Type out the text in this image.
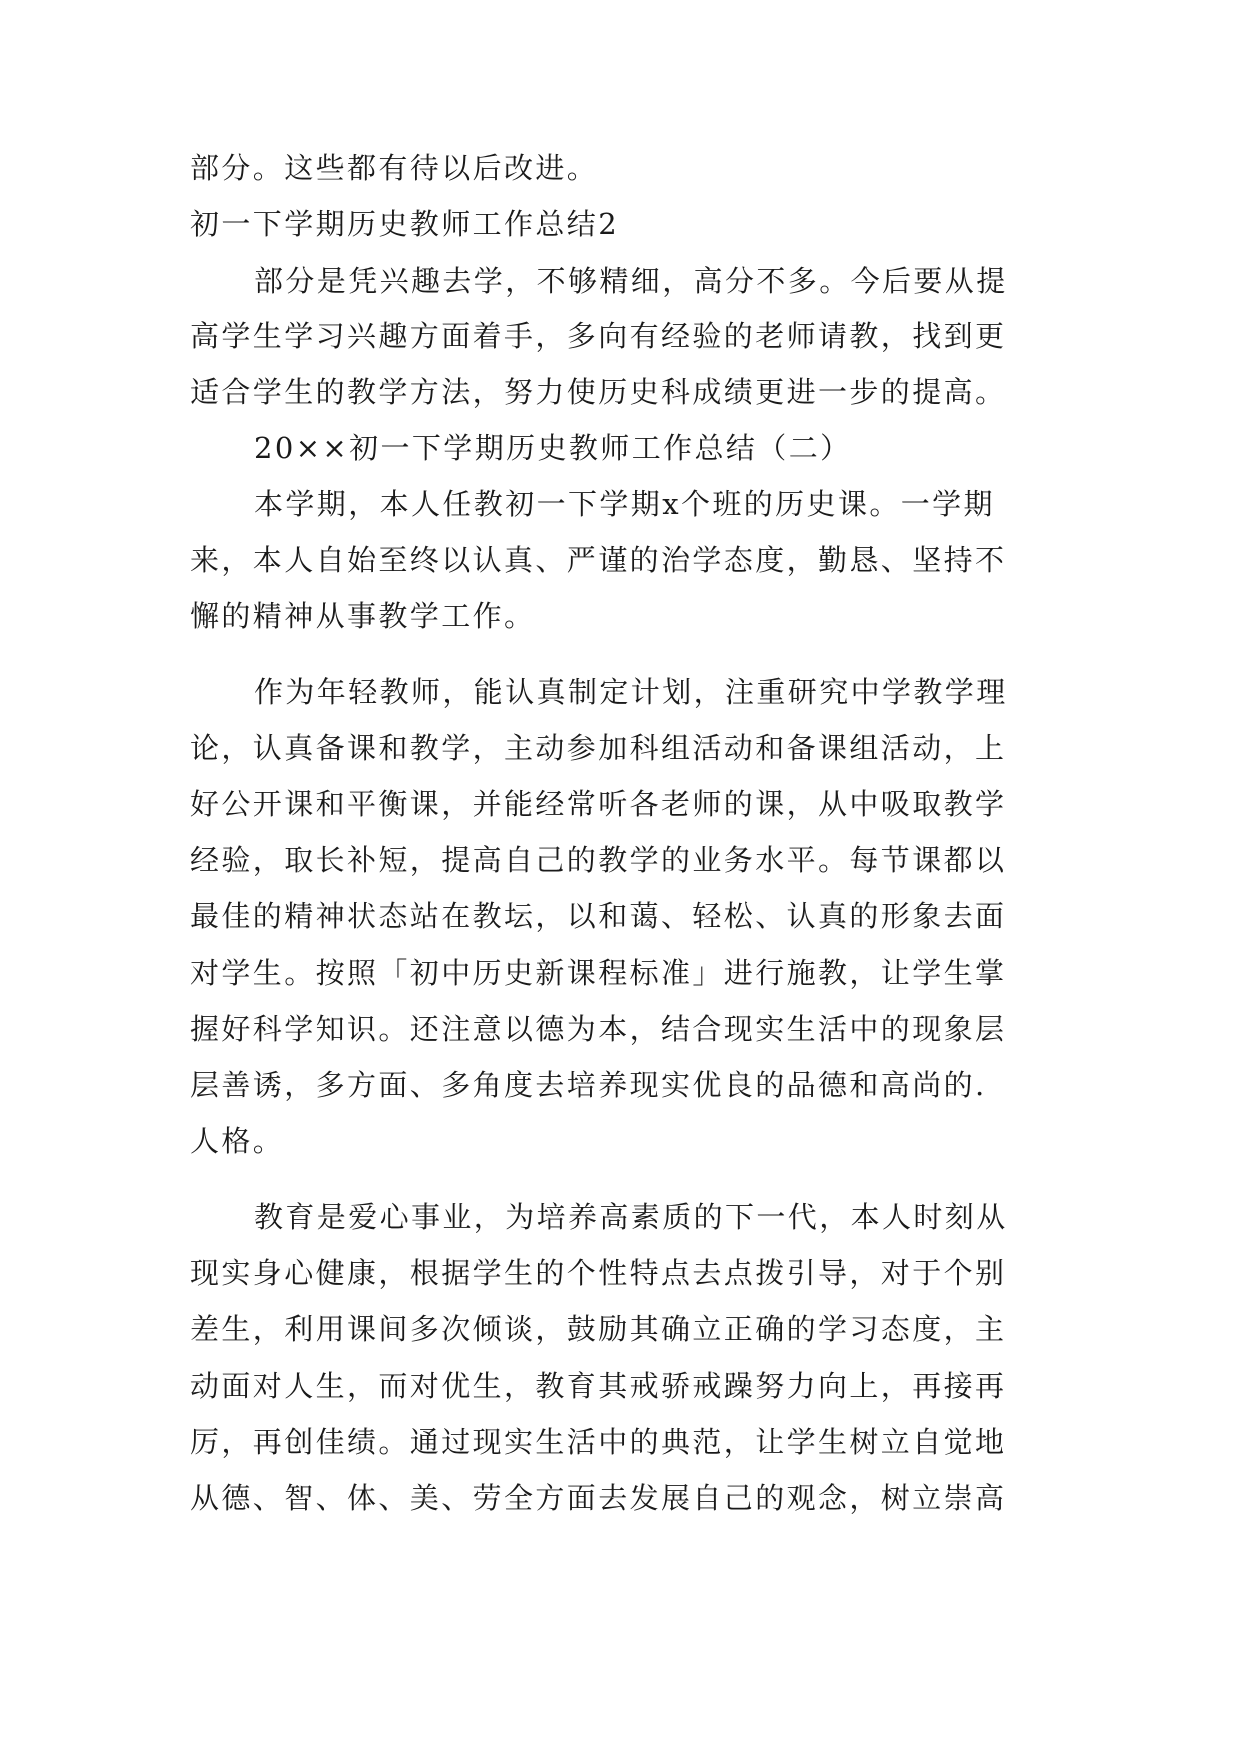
部分。这些都有待以后改进。
初一下学期历史教师工作总结2
部分是凭兴趣去学，不够精细，高分不多。今后要从提
高学生学习兴趣方面着手，多向有经验的老师请教，找到更
适合学生的教学方法，努力使历史科成绩更进一步的提高。
20××初一下学期历史教师工作总结（二）
本学期，本人任教初一下学期x个班的历史课。一学期
来，本人自始至终以认真、严谨的治学态度，勤恳、坚持不
懈的精神从事教学工作。
作为年轻教师，能认真制定计划，注重研究中学教学理
论，认真备课和教学，主动参加科组活动和备课组活动，上
好公开课和平衡课，并能经常听各老师的课，从中吸取教学
经验，取长补短，提高自己的教学的业务水平。每节课都以
最佳的精神状态站在教坛，以和蔼、轻松、认真的形象去面
对学生。按照「初中历史新课程标准」进行施教，让学生掌
握好科学知识。还注意以德为本，结合现实生活中的现象层
层善诱，多方面、多角度去培养现实优良的品德和高尚的.
人格。
教育是爱心事业，为培养高素质的下一代，本人时刻从
现实身心健康，根据学生的个性特点去点拨引导，对于个别
差生，利用课间多次倾谈，鼓励其确立正确的学习态度，主
动面对人生，而对优生，教育其戒骄戒躁努力向上，再接再
厉，再创佳绩。通过现实生活中的典范，让学生树立自觉地
从德、智、体、美、劳全方面去发展自己的观念，树立崇高
